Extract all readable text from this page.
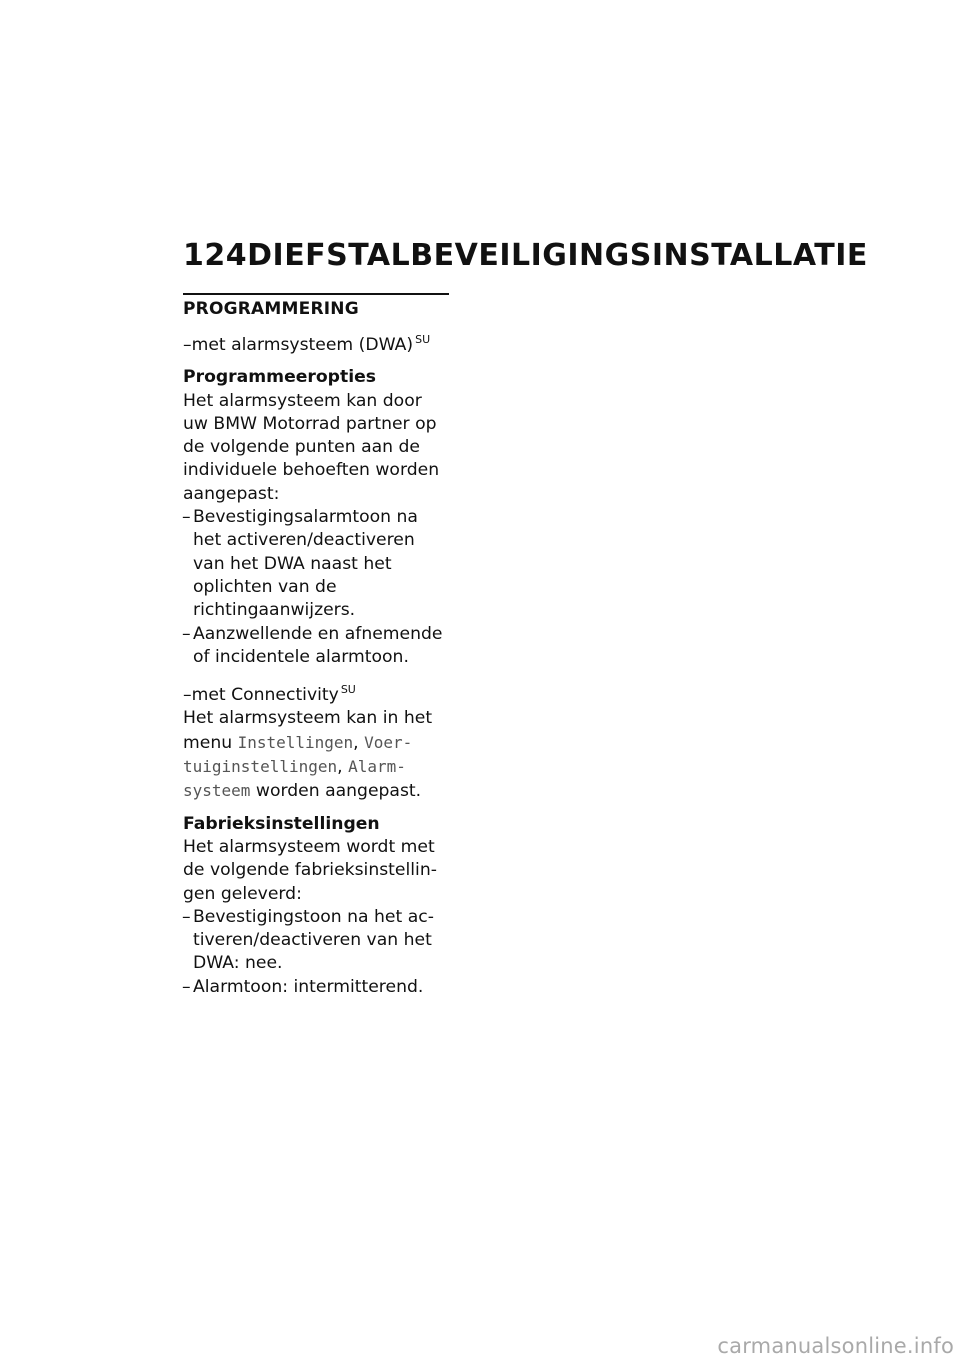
124 DIEFSTALBEVEILIGINGSINSTALLATIE
PROGRAMMERING
–met alarmsysteem (DWA) $^{SU}$
Programmeeropties

Het alarmsysteem kan door uw BMW Motorrad partner op de volgende punten aan de individuele behoeften worden aangepast:

– Bevestigingsalarmtoon na het activeren/deactiveren van het DWA naast het oplichten van de richtingaanwijzers.
– Aanzwellende en afnemende of incidentele alarmtoon.
–met Connectivity $^{SU}$

Het alarmsysteem kan in het menu Instellingen, Voertuiginstellingen, Alarmsysteem worden aangepast.

Fabrieksinstellingen

Het alarmsysteem wordt met de volgende fabrieksinstellingen geleverd:

– Bevestigingstoon na het activeren/deactiveren van het DWA: nee.
– Alarmtoon: intermitterend.
carmanualsonline.info
